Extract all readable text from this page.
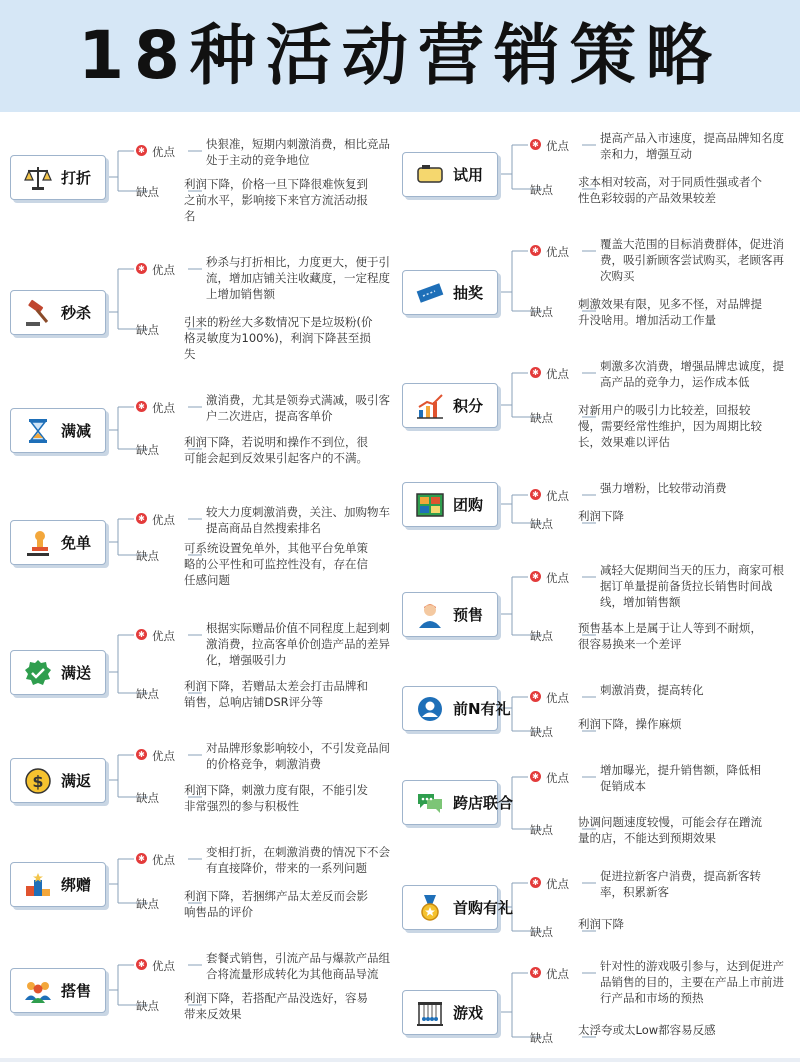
18种活动营销策略
打折
✱ 优点
快狠准，短期内刺激消费，相比竞品
处于主动的竞争地位
缺点
利润下降，价格一旦下降很难恢复到
之前水平，影响接下来官方流活动报
名
秒杀
✱ 优点
秒杀与打折相比，力度更大，便于引
流，增加店铺关注收藏度，一定程度
上增加销售额
缺点
引来的粉丝大多数情况下是垃圾粉(价
格灵敏度为100%)，利润下降甚至损
失
满减
✱ 优点
激消费，尤其是领券式满减，吸引客
户二次进店，提高客单价
缺点
利润下降，若说明和操作不到位，很
可能会起到反效果引起客户的不满。
免单
✱ 优点
较大力度刺激消费，关注、加购物车
提高商品自然搜索排名
缺点
可系统设置免单外，其他平台免单策
略的公平性和可监控性没有，存在信
任感问题
满送
✱ 优点
根据实际赠品价值不同程度上起到刺
激消费，拉高客单价创造产品的差异
化，增强吸引力
缺点
利润下降，若赠品太差会打击品牌和
销售，总响店铺DSR评分等
$ 满返
✱ 优点
对品牌形象影响较小，不引发竞品间
的价格竞争，刺激消费
缺点
利润下降，刺激力度有限，不能引发
非常强烈的参与积极性
绑赠
✱ 优点
变相打折，在刺激消费的情况下不会
有直接降价，带来的一系列问题
缺点
利润下降，若捆绑产品太差反而会影
响售品的评价
搭售
✱ 优点
套餐式销售，引流产品与爆款产品组
合将流量形成转化为其他商品导流
缺点
利润下降，若搭配产品没选好，容易
带来反效果
试用
✱ 优点
提高产品入市速度，提高品牌知名度
亲和力，增强互动
缺点
求本相对较高，对于同质性强或者个
性色彩较弱的产品效果较差
抽奖
✱ 优点
覆盖大范围的目标消费群体，促进消
费，吸引新顾客尝试购买，老顾客再
次购买
缺点
刺激效果有限，见多不怪，对品牌提
升没啥用。增加活动工作量
积分
✱ 优点
刺激多次消费，增强品牌忠诚度，提
高产品的竞争力，运作成本低
缺点
对新用户的吸引力比较差，回报较
慢，需要经常性维护，因为周期比较
长，效果难以评估
团购
✱ 优点
强力增粉，比较带动消费
缺点
利润下降
预售
✱ 优点
减轻大促期间当天的压力，商家可根
据订单量提前备货拉长销售时间战
线，增加销售额
缺点
预售基本上是属于让人等到不耐烦，
很容易换来一个差评
前N有礼
✱ 优点
刺激消费，提高转化
缺点
利润下降，操作麻烦
跨店联合
✱ 优点
增加曝光，提升销售额，降低相
促销成本
缺点
协调问题速度较慢，可能会存在蹭流
量的店，不能达到预期效果
首购有礼
✱ 优点
促进拉新客户消费，提高新客转
率，积累新客
缺点
利润下降
游戏
✱ 优点
针对性的游戏吸引参与，达到促进产
品销售的目的，主要在产品上市前进
行产品和市场的预热
缺点
太浮夸或太Low都容易反感
